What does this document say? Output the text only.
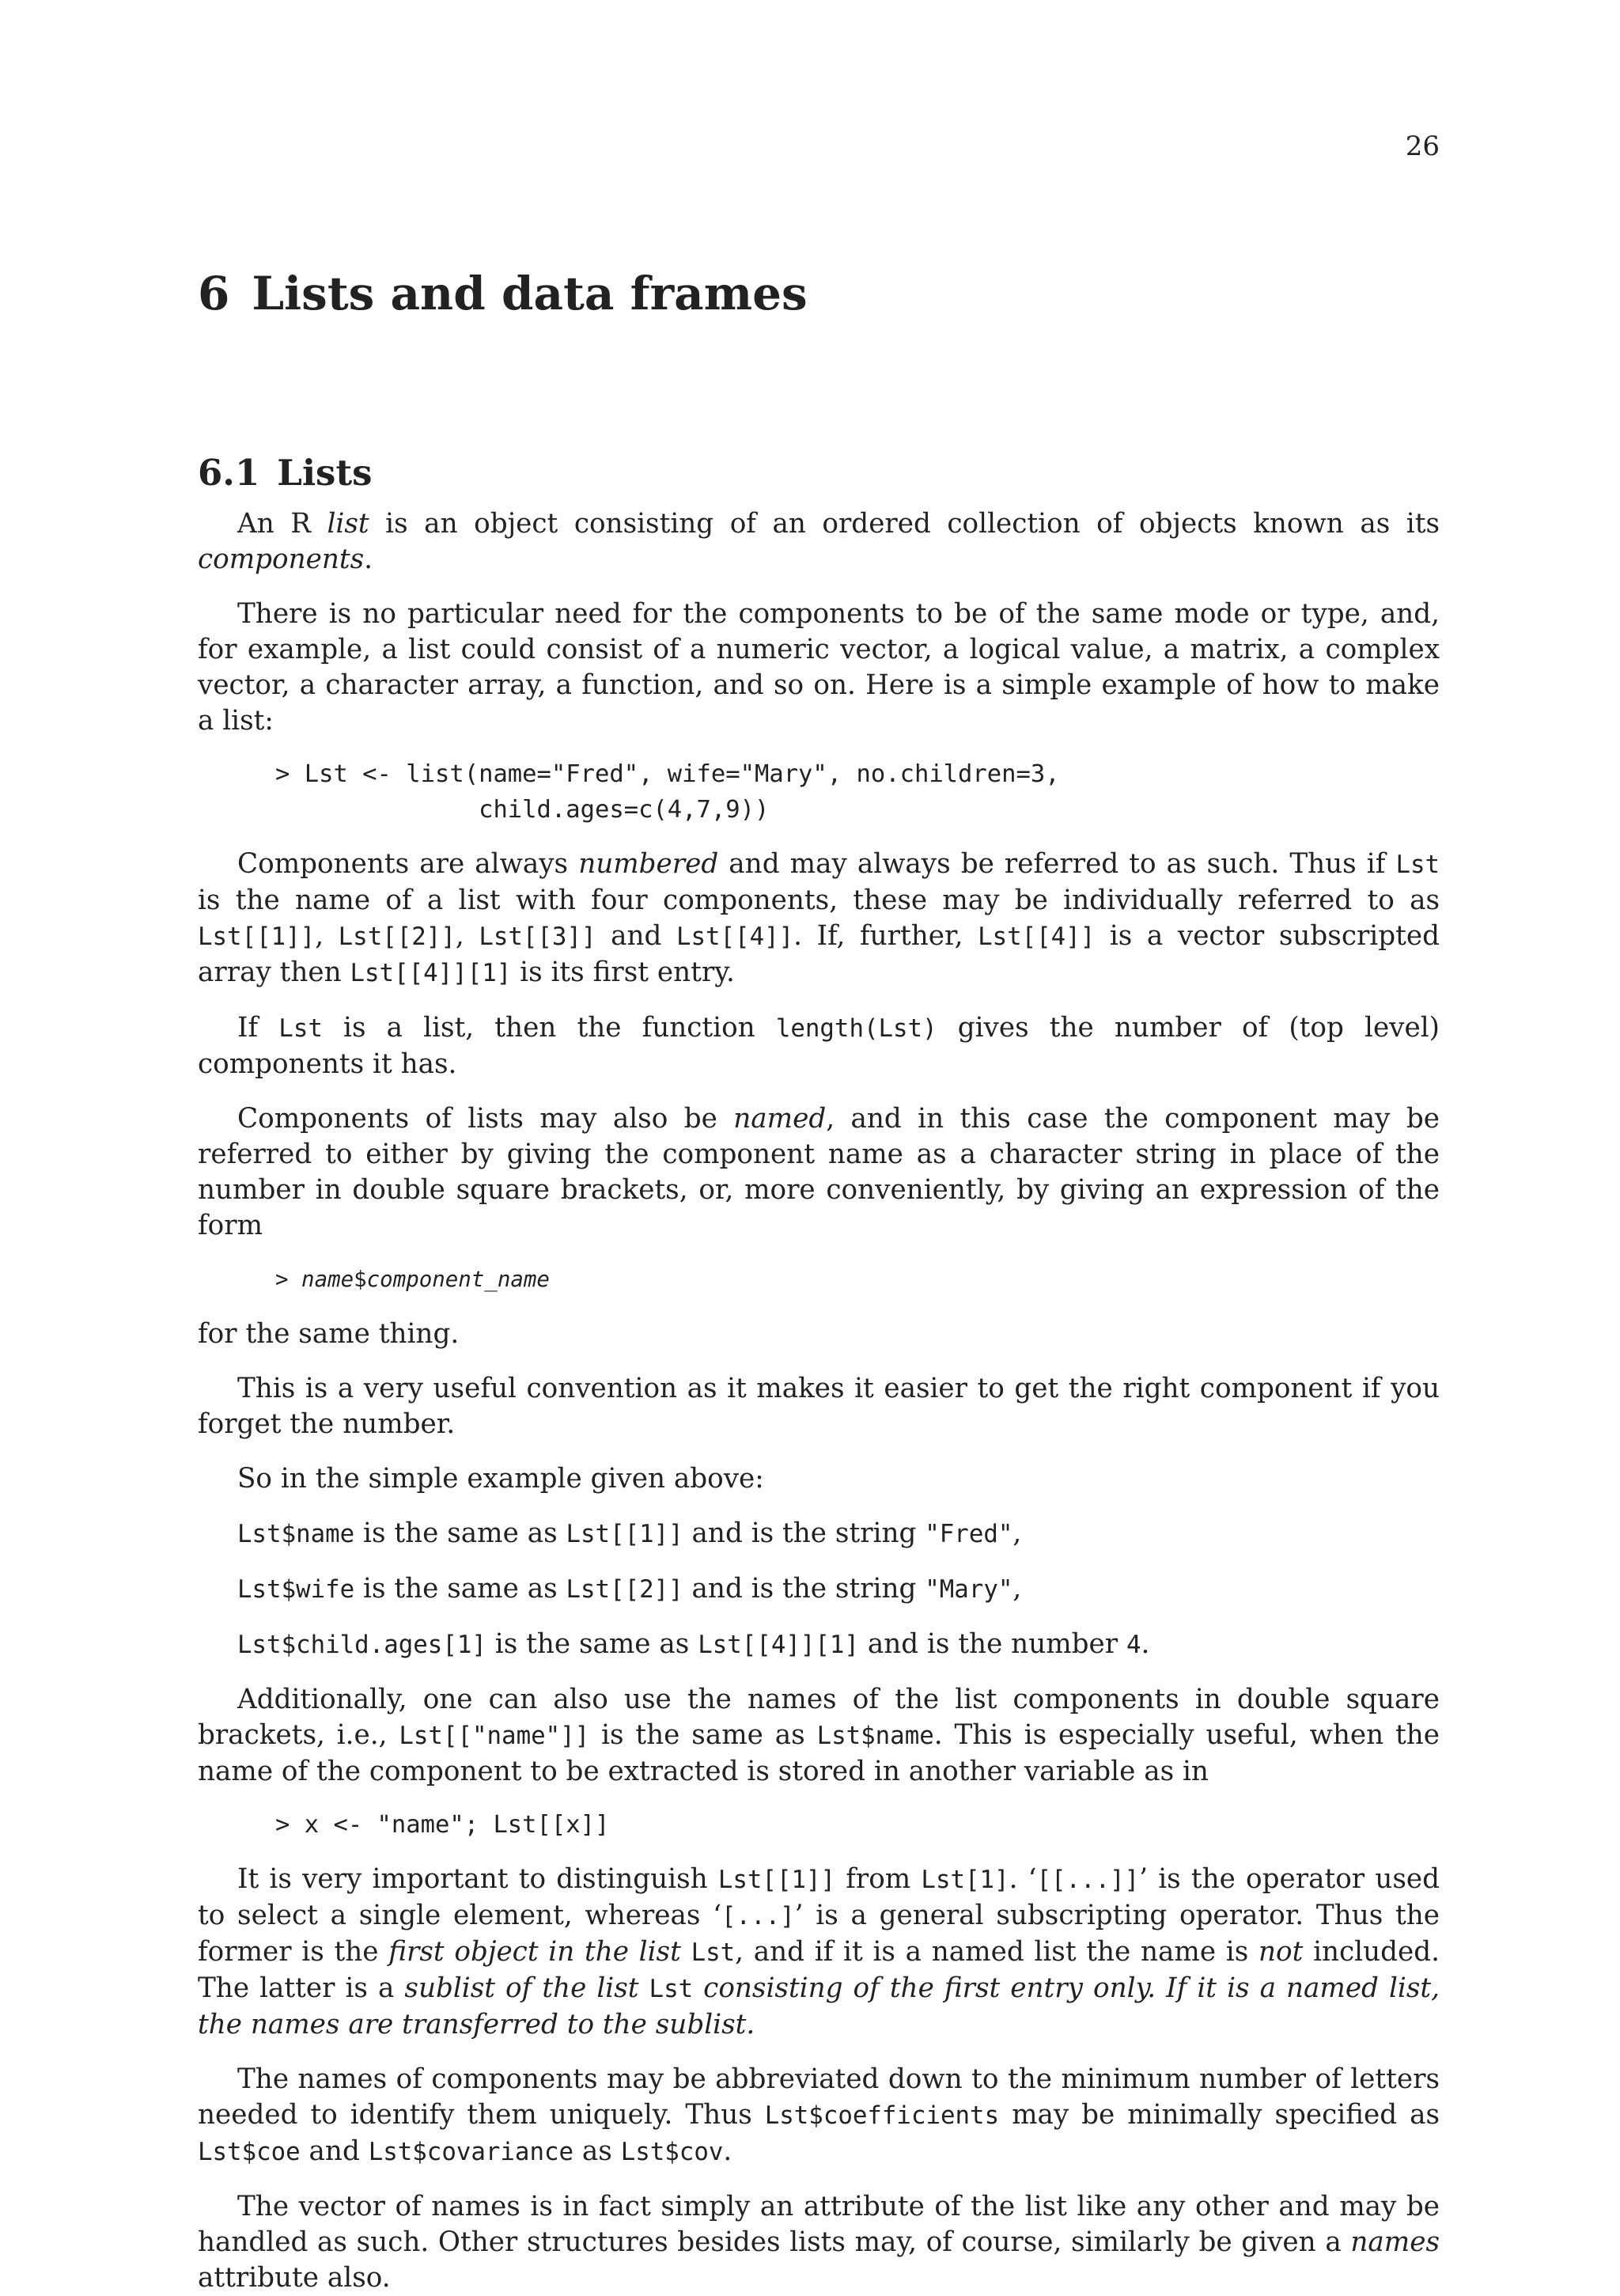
26
6 Lists and data frames
6.1 Lists

An R list is an object consisting of an ordered collection of objects known as its components.

There is no particular need for the components to be of the same mode or type, and, for example, a list could consist of a numeric vector, a logical value, a matrix, a complex vector, a character array, a function, and so on. Here is a simple example of how to make a list:

> Lst <- list(name="Fred", wife="Mary", no.children=3,
child.ages=c(4,7,9))

Components are always numbered and may always be referred to as such. Thus if Lst is the name of a list with four components, these may be individually referred to as Lst[[1]], Lst[[2]], Lst[[3]] and Lst[[4]]. If, further, Lst[[4]] is a vector subscripted array then Lst[[4]][1] is its first entry.

If Lst is a list, then the function length(Lst) gives the number of (top level) components it has.

Components of lists may also be named, and in this case the component may be referred to either by giving the component name as a character string in place of the number in double square brackets, or, more conveniently, by giving an expression of the form

> name$component_name

for the same thing.

This is a very useful convention as it makes it easier to get the right component if you forget the number.

So in the simple example given above:

Lst$name is the same as Lst[[1]] and is the string "Fred",

Lst$wife is the same as Lst[[2]] and is the string "Mary",

Lst$child.ages[1] is the same as Lst[[4]][1] and is the number 4.

Additionally, one can also use the names of the list components in double square brackets, i.e., Lst[["name"]] is the same as Lst$name. This is especially useful, when the name of the component to be extracted is stored in another variable as in

> x <- "name"; Lst[[x]]

It is very important to distinguish Lst[[1]] from Lst[1]. ‘[[...]]’ is the operator used to select a single element, whereas ‘[...]’ is a general subscripting operator. Thus the former is the first object in the list Lst, and if it is a named list the name is not included. The latter is a sublist of the list Lst consisting of the first entry only. If it is a named list, the names are transferred to the sublist.

The names of components may be abbreviated down to the minimum number of letters needed to identify them uniquely. Thus Lst$coefficients may be minimally specified as Lst$coe and Lst$covariance as Lst$cov.

The vector of names is in fact simply an attribute of the list like any other and may be handled as such. Other structures besides lists may, of course, similarly be given a names attribute also.
